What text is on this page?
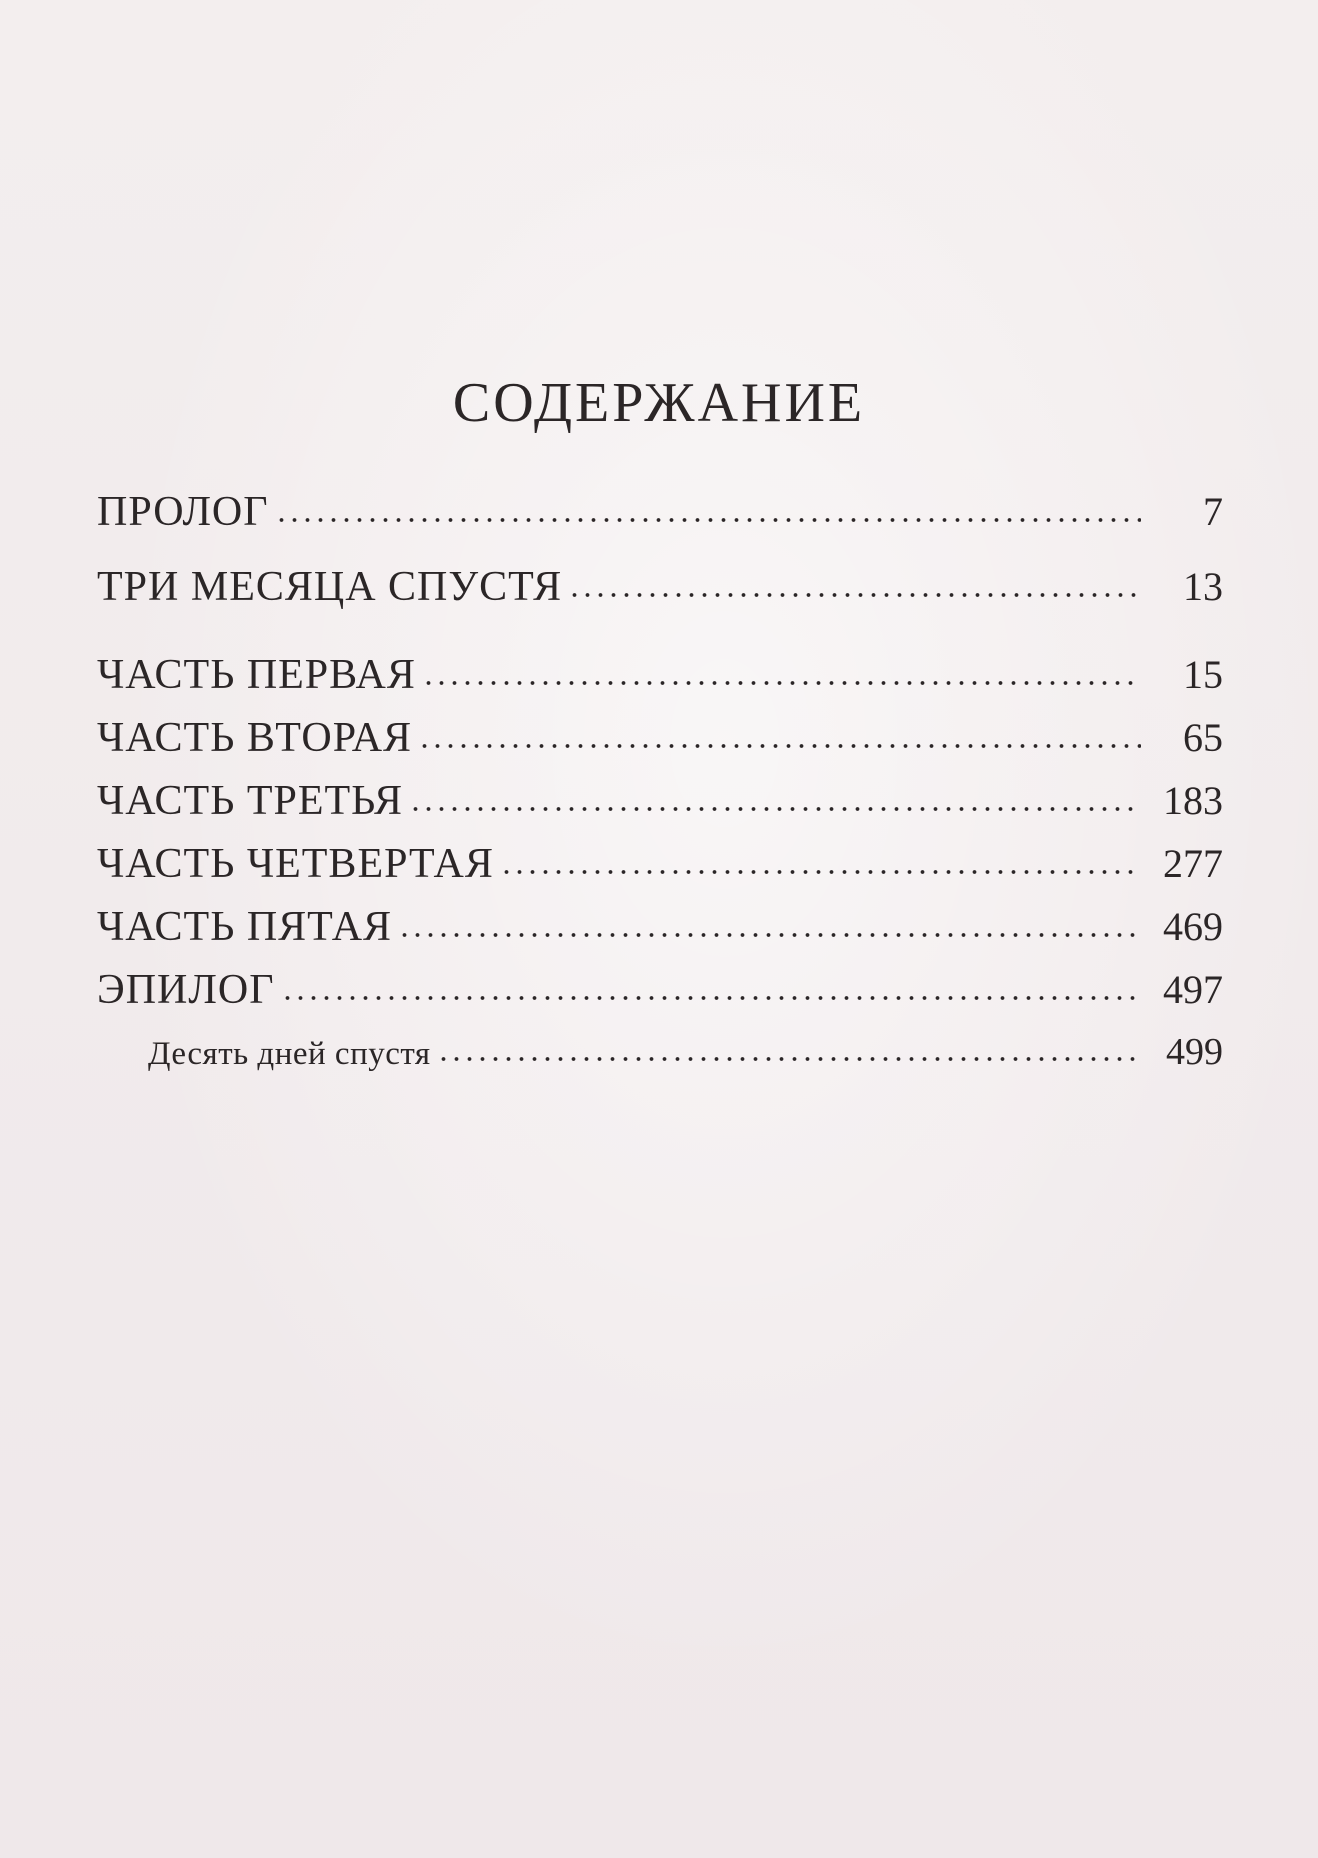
СОДЕРЖАНИЕ
ПРОЛОГ	7
ТРИ МЕСЯЦА СПУСТЯ	13
ЧАСТЬ ПЕРВАЯ	15
ЧАСТЬ ВТОРАЯ	65
ЧАСТЬ ТРЕТЬЯ	183
ЧАСТЬ ЧЕТВЕРТАЯ	277
ЧАСТЬ ПЯТАЯ	469
ЭПИЛОГ	497
Десять дней спустя	499
